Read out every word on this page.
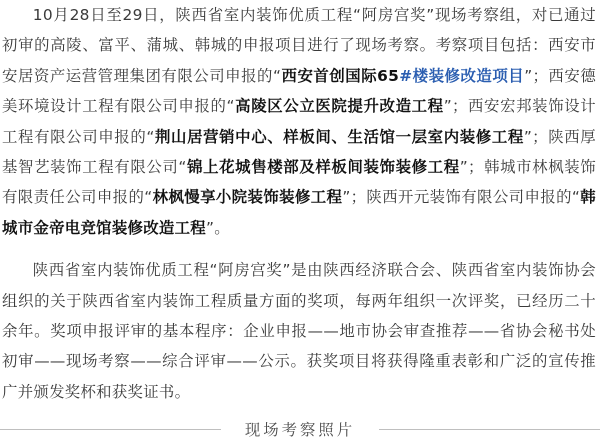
10月28日至29日，陕西省室内装饰优质工程“阿房宫奖”现场考察组，对已通过初审的高陵、富平、蒲城、韩城的申报项目进行了现场考察。考察项目包括：西安市安居资产运营管理集团有限公司申报的“西安首创国际65#楼装修改造项目”；西安德美环境设计工程有限公司申报的“高陵区公立医院提升改造工程”；西安宏邦装饰设计工程有限公司申报的“荆山居营销中心、样板间、生活馆一层室内装修工程”；陕西厚基智艺装饰工程有限公司“锦上花城售楼部及样板间装饰装修工程”；韩城市林枫装饰有限责任公司申报的“林枫慢享小院装饰装修工程”；陕西开元装饰有限公司申报的“韩城市金帝电竞馆装修改造工程”。

陕西省室内装饰优质工程“阿房宫奖”是由陕西经济联合会、陕西省室内装饰协会组织的关于陕西省室内装饰工程质量方面的奖项，每两年组织一次评奖，已经历二十余年。奖项申报评审的基本程序：企业申报——地市协会审查推荐——省协会秘书处初审——现场考察——综合评审——公示。获奖项目将获得隆重表彰和广泛的宣传推广并颁发奖杯和获奖证书。

现场考察照片
